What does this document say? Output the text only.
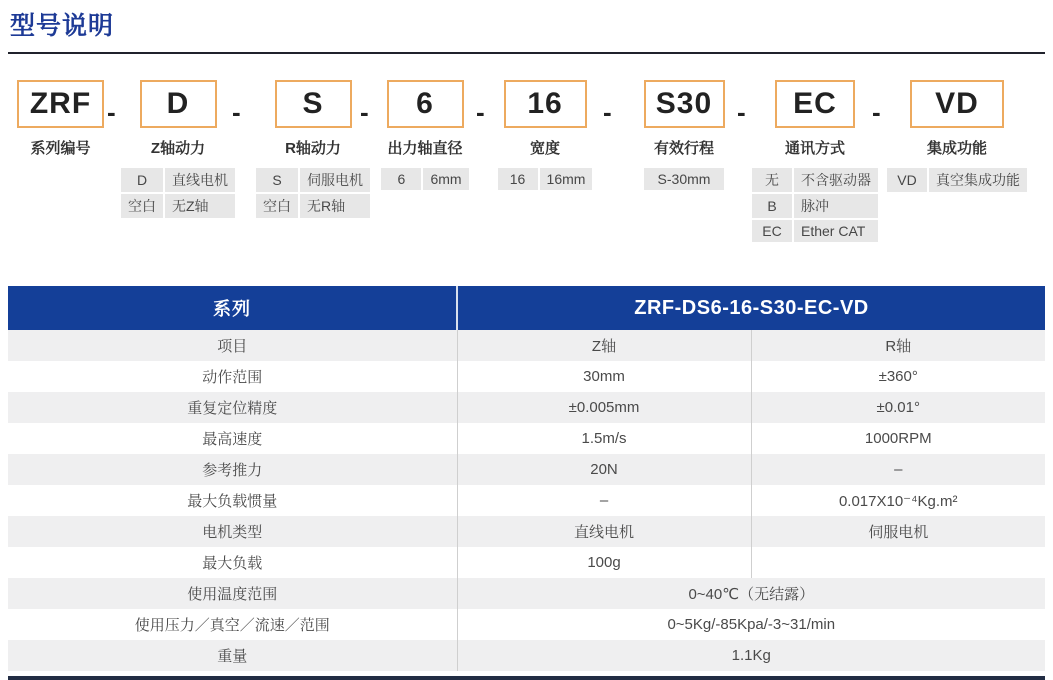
型号说明
ZRF
系列编号
-	D
Z轴动力
D	直线电机
空白	无Z轴
-	S
R轴动力
S	伺服电机
空白	无R轴
-	6
出力轴直径
6	6mm
-	16
宽度
16	16mm
-	S30
有效行程
S-30mm
-	EC
通讯方式
无	不含驱动器
B	脉冲
EC	Ether CAT
-	VD
集成功能
VD	真空集成功能
系列	ZRF-DS6-16-S30-EC-VD	
项目	Z轴	R轴
动作范围	30mm	±360°
重复定位精度	±0.005mm	±0.01°
最高速度	1.5m/s	1000RPM
参考推力	20N	–
最大负载惯量	–	0.017X10⁻⁴Kg.m²
电机类型	直线电机	伺服电机
最大负载	100g	
使用温度范围	0~40℃（无结露）	
使用压力／真空／流速／范围	0~5Kg/-85Kpa/-3~31/min	
重量	1.1Kg	
